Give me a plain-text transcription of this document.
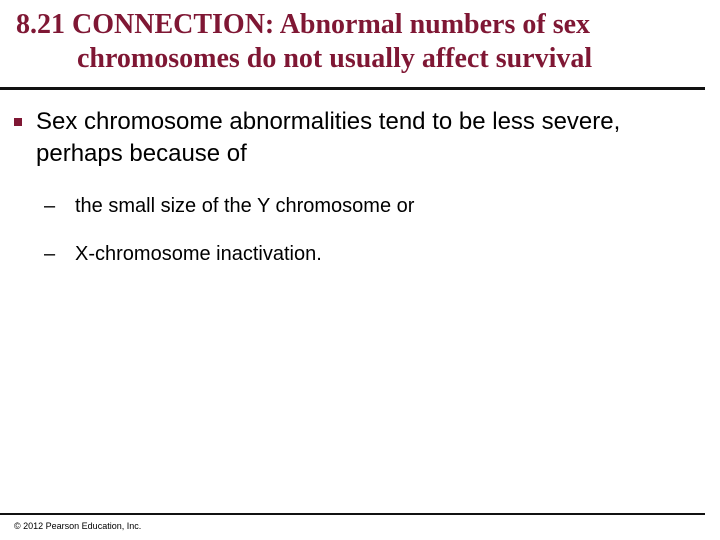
8.21 CONNECTION: Abnormal numbers of sex
chromosomes do not usually affect survival
Sex chromosome abnormalities tend to be less severe, perhaps because of
– the small size of the Y chromosome or
– X-chromosome inactivation.
© 2012 Pearson Education, Inc.
